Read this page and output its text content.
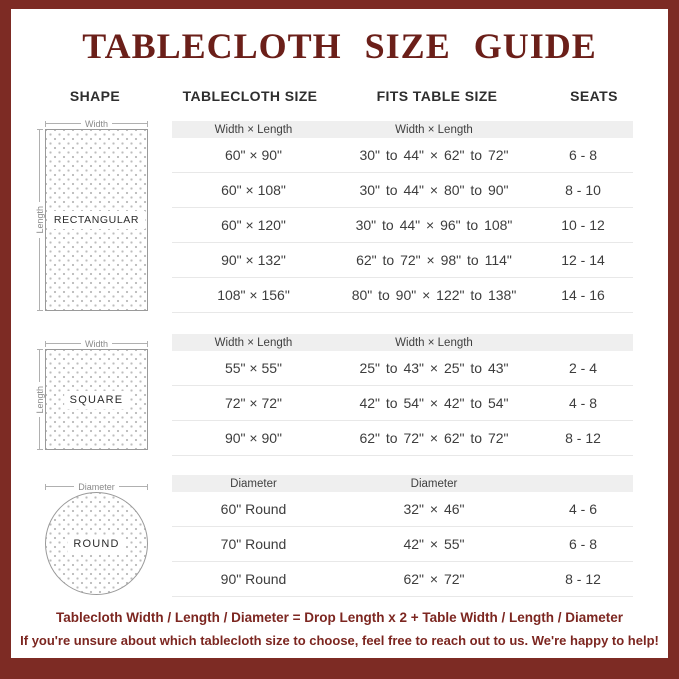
TABLECLOTH SIZE GUIDE
SHAPE	TABLECLOTH SIZE	FITS TABLE SIZE	SEATS
Width
Length RECTANGULAR
Width
Length	SQUARE
Diameter
ROUND
Width × Length	Width × Length
60" × 90"	30" to 44" × 62" to 72"	6 - 8
60" × 108"	30" to 44" × 80" to 90"	8 - 10
60" × 120"	30" to 44" × 96" to 108"	10 - 12
90" × 132"	62" to 72" × 98" to 114"	12 - 14
108" × 156"	80" to 90" × 122" to 138"	14 - 16
Width × Length	Width × Length
55" × 55"	25" to 43" × 25" to 43"	2 - 4
72" × 72"	42" to 54" × 42" to 54"	4 - 8
90" × 90"	62" to 72" × 62" to 72"	8 - 12
Diameter	Diameter
60" Round	32" × 46"	4 - 6
70" Round	42" × 55"	6 - 8
90" Round	62" × 72"	8 - 12

Tablecloth Width / Length / Diameter = Drop Length x 2 + Table Width / Length / Diameter

If you're unsure about which tablecloth size to choose, feel free to reach out to us. We're happy to help!
